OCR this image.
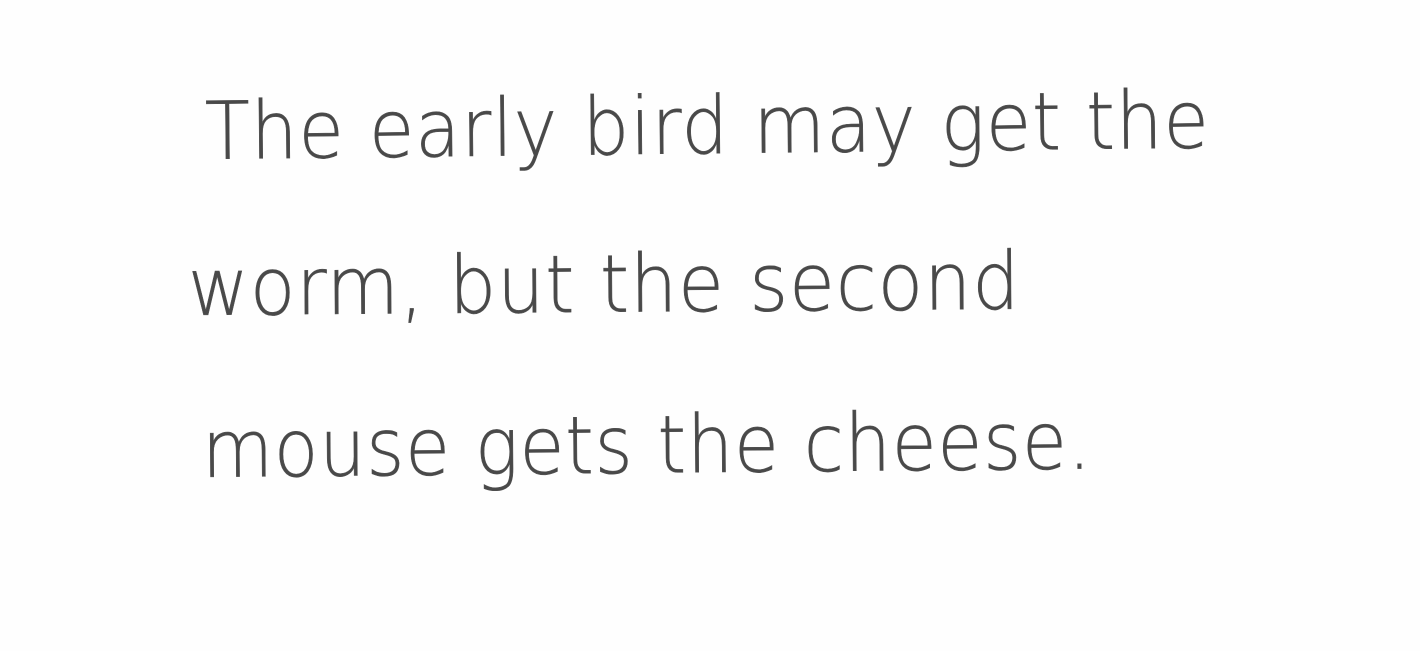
The early bird may get the

worm, but the second

mouse gets the cheese.
